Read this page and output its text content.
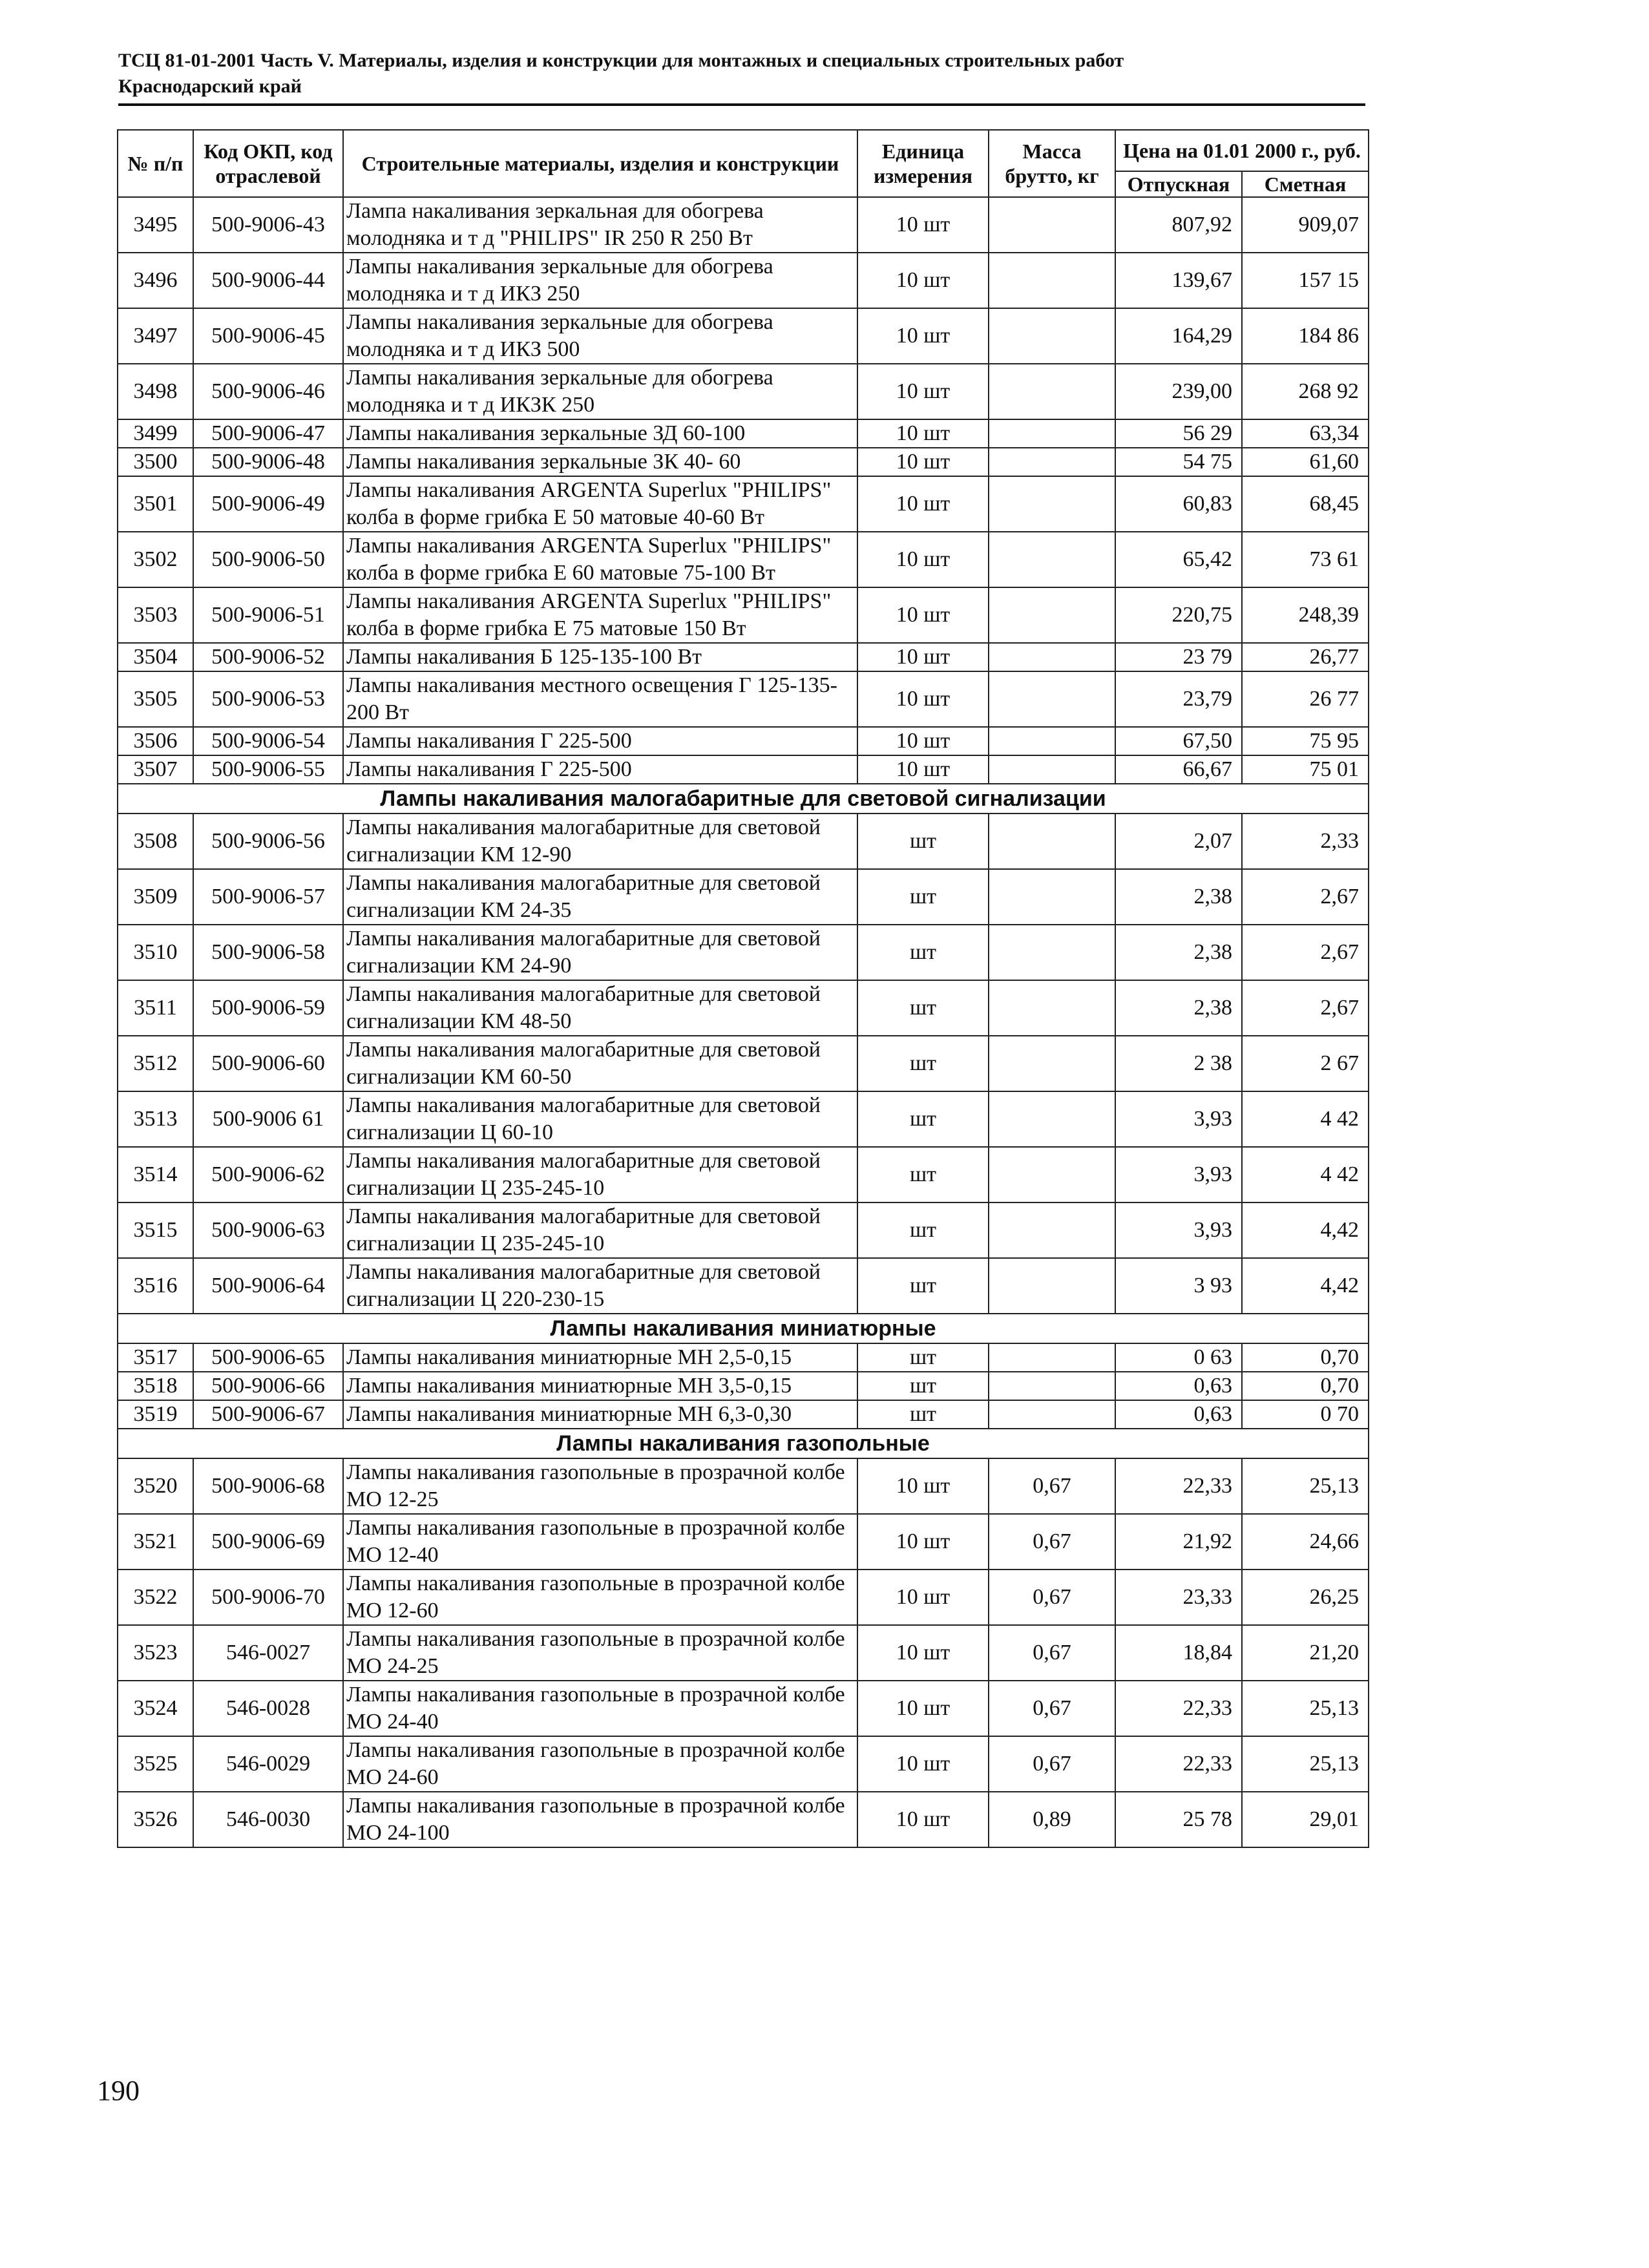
ТСЦ 81-01-2001 Часть V. Материалы, изделия и конструкции для монтажных и специальных строительных работ
Краснодарский край
№ п/п	Код ОКП, код отраслевой	Строительные материалы, изделия и конструкции	Единица измерения	Масса брутто, кг	Цена на 01.01 2000 г., руб.	
					Отпускная	Сметная
3495	500-9006-43	Лампа накаливания зеркальная для обогрева молодняка и т д "PHILIPS" IR 250 R 250 Вт	10 шт		807,92	909,07
3496	500-9006-44	Лампы накаливания зеркальные для обогрева молодняка и т д ИКЗ 250	10 шт		139,67	157 15
3497	500-9006-45	Лампы накаливания зеркальные для обогрева молодняка и т д ИКЗ 500	10 шт		164,29	184 86
3498	500-9006-46	Лампы накаливания зеркальные для обогрева молодняка и т д ИКЗК 250	10 шт		239,00	268 92
3499	500-9006-47	Лампы накаливания зеркальные ЗД 60-100	10 шт		56 29	63,34
3500	500-9006-48	Лампы накаливания зеркальные ЗК 40- 60	10 шт		54 75	61,60
3501	500-9006-49	Лампы накаливания ARGENTA Superlux "PHILIPS" колба в форме грибка Е 50 матовые 40-60 Вт	10 шт		60,83	68,45
3502	500-9006-50	Лампы накаливания ARGENTA Superlux "PHILIPS" колба в форме грибка Е 60 матовые 75-100 Вт	10 шт		65,42	73 61
3503	500-9006-51	Лампы накаливания ARGENTA Superlux "PHILIPS" колба в форме грибка Е 75 матовые 150 Вт	10 шт		220,75	248,39
3504	500-9006-52	Лампы накаливания Б 125-135-100 Вт	10 шт		23 79	26,77
3505	500-9006-53	Лампы накаливания местного освещения Г 125-135-200 Вт	10 шт		23,79	26 77
3506	500-9006-54	Лампы накаливания Г 225-500	10 шт		67,50	75 95
3507	500-9006-55	Лампы накаливания Г 225-500	10 шт		66,67	75 01
Лампы накаливания малогабаритные для световой сигнализации						
3508	500-9006-56	Лампы накаливания малогабаритные для световой сигнализации КМ 12-90	шт		2,07	2,33
3509	500-9006-57	Лампы накаливания малогабаритные для световой сигнализации КМ 24-35	шт		2,38	2,67
3510	500-9006-58	Лампы накаливания малогабаритные для световой сигнализации КМ 24-90	шт		2,38	2,67
3511	500-9006-59	Лампы накаливания малогабаритные для световой сигнализации КМ 48-50	шт		2,38	2,67
3512	500-9006-60	Лампы накаливания малогабаритные для световой сигнализации КМ 60-50	шт		2 38	2 67
3513	500-9006 61	Лампы накаливания малогабаритные для световой сигнализации Ц 60-10	шт		3,93	4 42
3514	500-9006-62	Лампы накаливания малогабаритные для световой сигнализации Ц 235-245-10	шт		3,93	4 42
3515	500-9006-63	Лампы накаливания малогабаритные для световой сигнализации Ц 235-245-10	шт		3,93	4,42
3516	500-9006-64	Лампы накаливания малогабаритные для световой сигнализации Ц 220-230-15	шт		3 93	4,42
Лампы накаливания миниатюрные						
3517	500-9006-65	Лампы накаливания миниатюрные МН 2,5-0,15	шт		0 63	0,70
3518	500-9006-66	Лампы накаливания миниатюрные МН 3,5-0,15	шт		0,63	0,70
3519	500-9006-67	Лампы накаливания миниатюрные МН 6,3-0,30	шт		0,63	0 70
Лампы накаливания газопольные						
3520	500-9006-68	Лампы накаливания газопольные в прозрачной колбе МО 12-25	10 шт	0,67	22,33	25,13
3521	500-9006-69	Лампы накаливания газопольные в прозрачной колбе МО 12-40	10 шт	0,67	21,92	24,66
3522	500-9006-70	Лампы накаливания газопольные в прозрачной колбе МО 12-60	10 шт	0,67	23,33	26,25
3523	546-0027	Лампы накаливания газопольные в прозрачной колбе МО 24-25	10 шт	0,67	18,84	21,20
3524	546-0028	Лампы накаливания газопольные в прозрачной колбе МО 24-40	10 шт	0,67	22,33	25,13
3525	546-0029	Лампы накаливания газопольные в прозрачной колбе МО 24-60	10 шт	0,67	22,33	25,13
3526	546-0030	Лампы накаливания газопольные в прозрачной колбе МО 24-100	10 шт	0,89	25 78	29,01
190
